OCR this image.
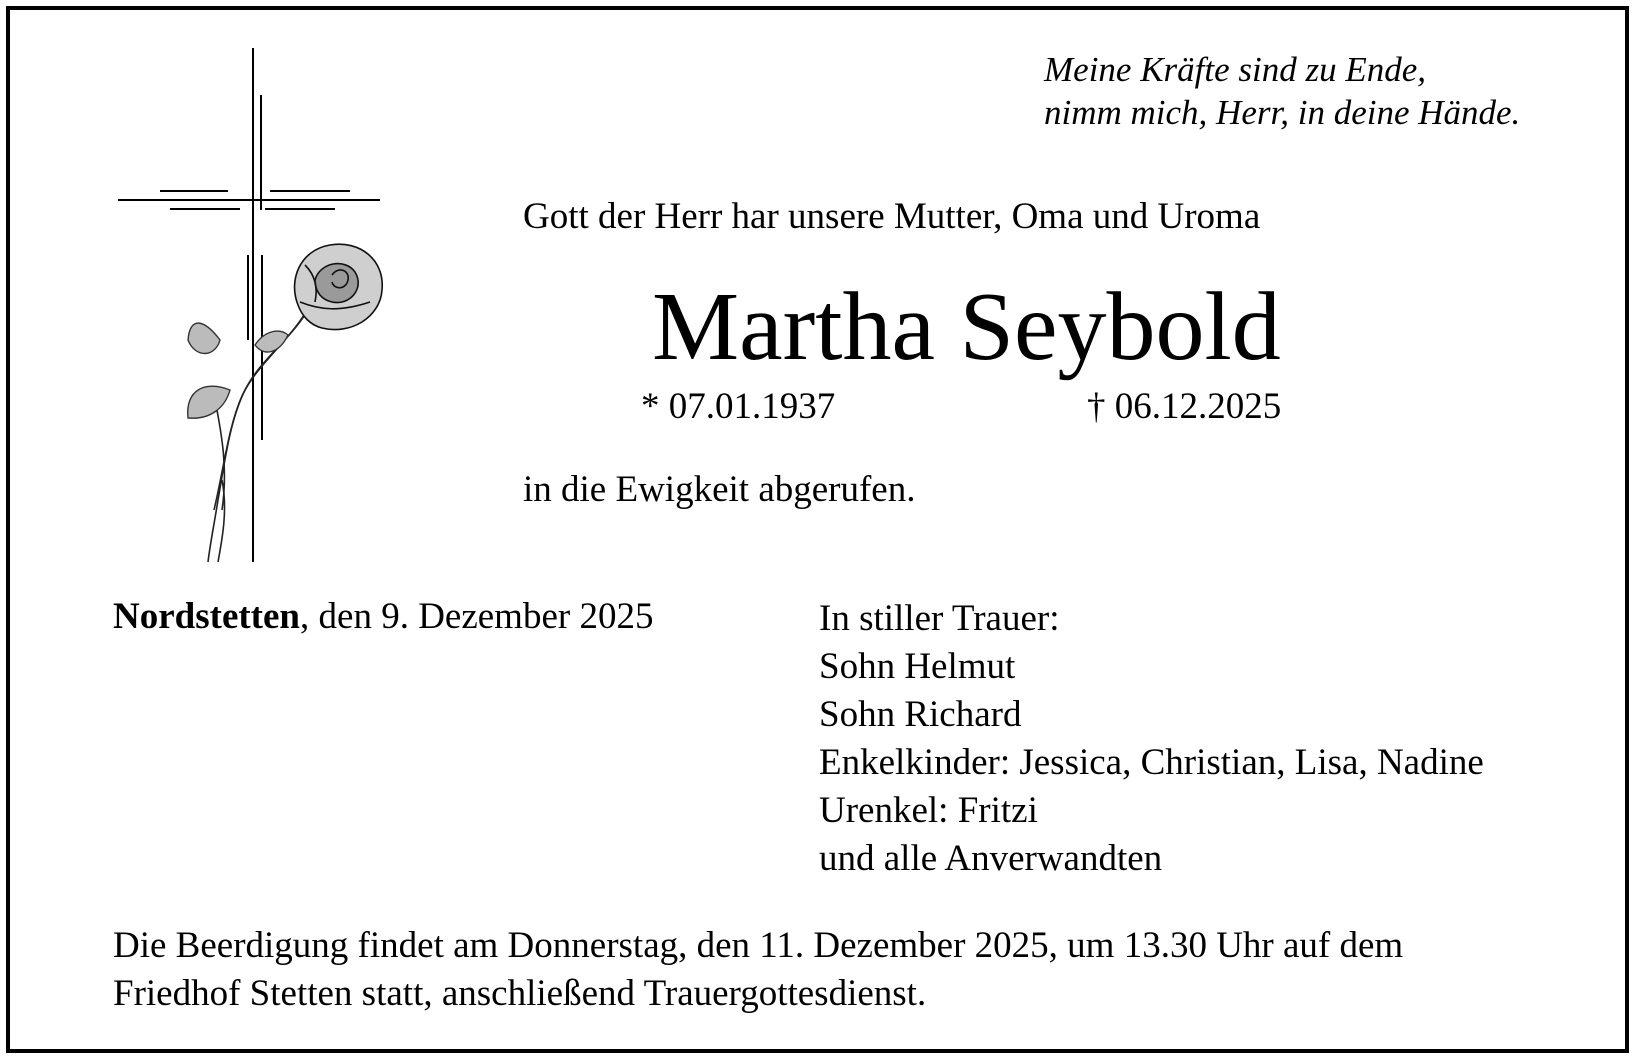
Meine Kräfte sind zu Ende,
nimm mich, Herr, in deine Hände.
Gott der Herr har unsere Mutter, Oma und Uroma
Martha Seybold
* 07.01.1937	† 06.12.2025
in die Ewigkeit abgerufen.
Nordstetten, den 9. Dezember 2025	In stiller Trauer:
Sohn Helmut
Sohn Richard
Enkelkinder: Jessica, Christian, Lisa, Nadine
Urenkel: Fritzi
und alle Anverwandten
Die Beerdigung findet am Donnerstag, den 11. Dezember 2025, um 13.30 Uhr auf dem
Friedhof Stetten statt, anschließend Trauergottesdienst.
